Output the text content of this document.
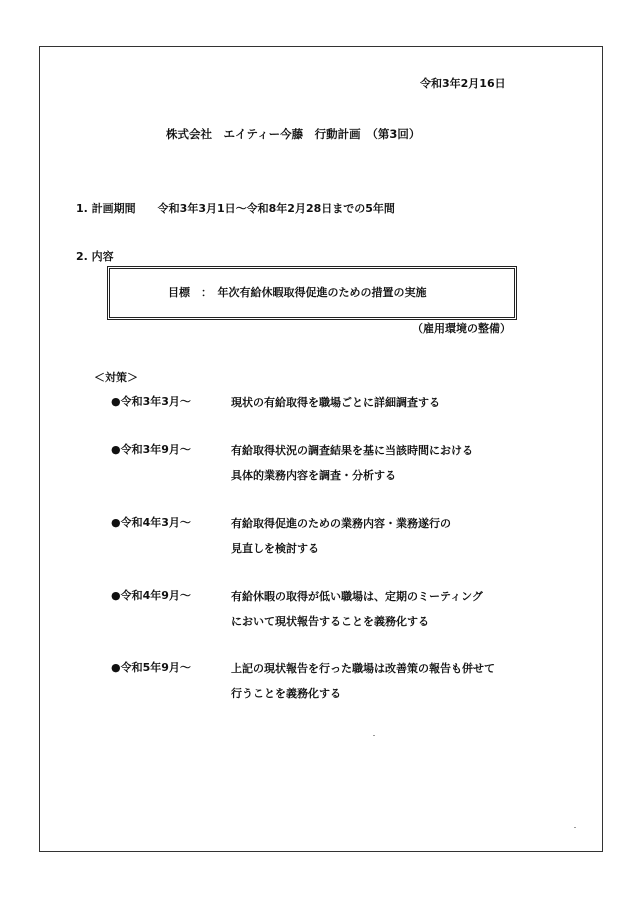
令和3年2月16日
株式会社　エイティー今藤　行動計画　（第3回）
1. 計画期間 令和3年3月1日～令和8年2月28日までの5年間
2. 内容
目標　：　年次有給休暇取得促進のための措置の実施
（雇用環境の整備）
＜対策＞
●令和3年3月～	現状の有給取得を職場ごとに詳細調査する
●令和3年9月～	有給取得状況の調査結果を基に当該時間における
具体的業務内容を調査・分析する
●令和4年3月～	有給取得促進のための業務内容・業務遂行の
見直しを検討する
●令和4年9月～	有給休暇の取得が低い職場は、定期のミーティング
において現状報告することを義務化する
●令和5年9月～	上記の現状報告を行った職場は改善策の報告も併せて
行うことを義務化する
